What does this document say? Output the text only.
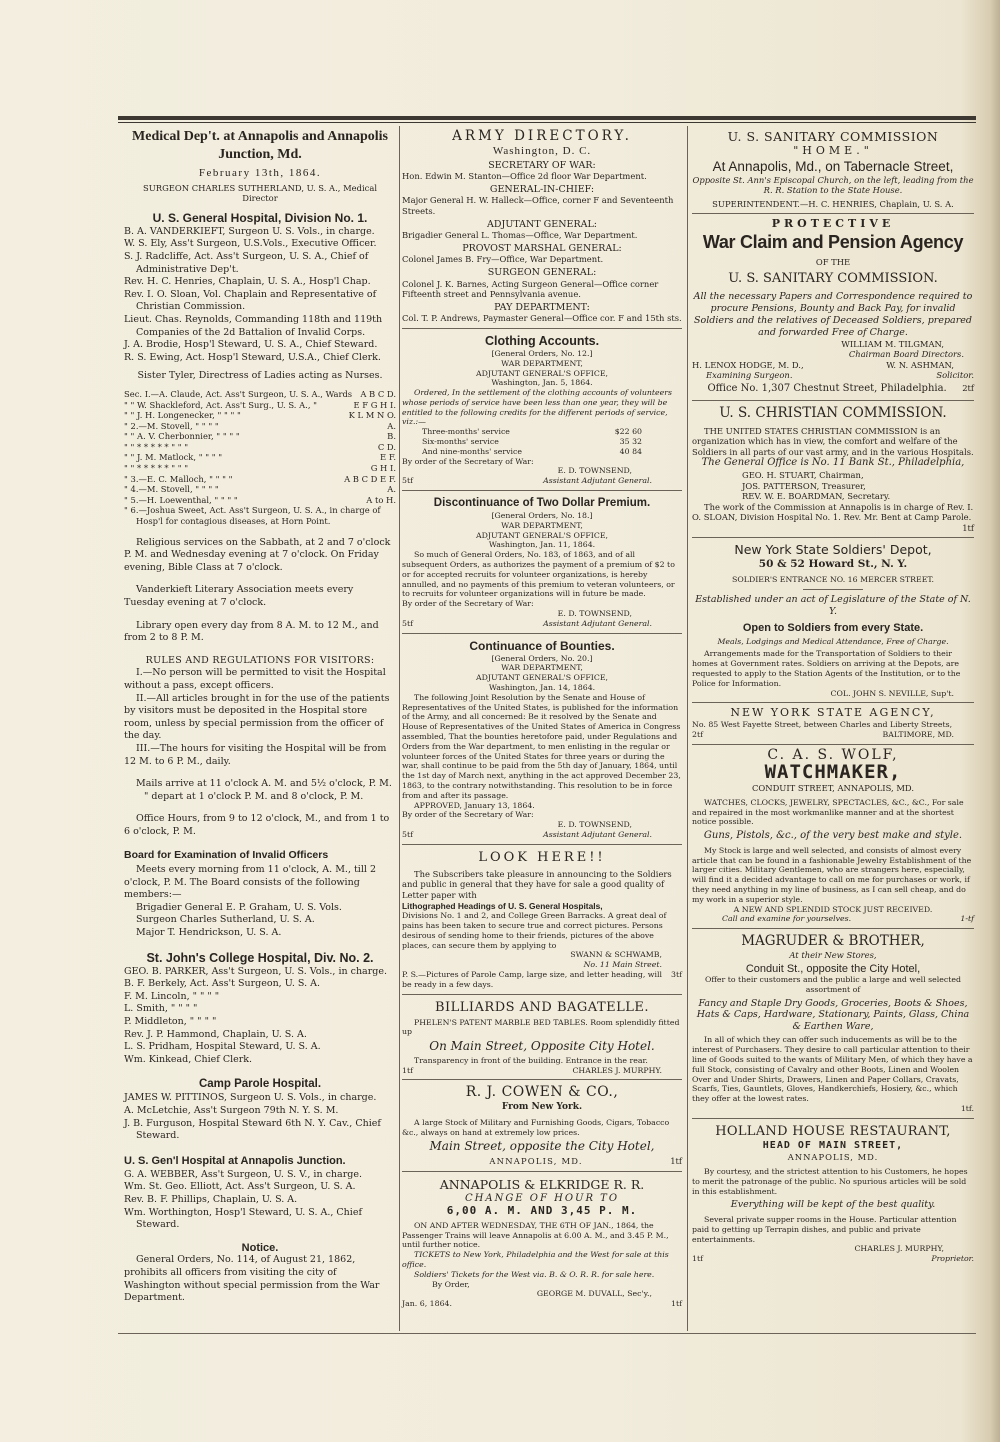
Medical Dep't. at Annapolis and Annapolis Junction, Md.
February 13th, 1864.
SURGEON CHARLES SUTHERLAND, U. S. A., Medical Director
U. S. General Hospital, Division No. 1.
B. A. VANDERKIEFT, Surgeon U. S. Vols., in charge.
W. S. Ely, Ass't Surgeon, U.S.Vols., Executive Officer.
S. J. Radcliffe, Act. Ass't Surgeon, U. S. A., Chief of Administrative Dep't.
Rev. H. C. Henries, Chaplain, U. S. A., Hosp'l Chap.
Rev. I. O. Sloan, Vol. Chaplain and Representative of Christian Commission.
Lieut. Chas. Reynolds, Commanding 118th and 119th Companies of the 2d Battalion of Invalid Corps.
J. A. Brodie, Hosp'l Steward, U. S. A., Chief Steward.
R. S. Ewing, Act. Hosp'l Steward, U.S.A., Chief Clerk.
Sister Tyler, Directress of Ladies acting as Nurses.
Sec. I.—A. Claude, Act. Ass't Surgeon, U. S. A., Wards A B C D.
" " W. Shackleford, Act. Ass't Surg., U. S. A., "	E F G H I.
" " J. H. Longenecker, " " " "	K L M N O.
" 2.—M. Stovell, " " " "	A.
" " A. V. Cherbonnier, " " " "	B.
" " * * * * * " " "	C D.
" " J. M. Matlock, " " " "	E F.
" " * * * * * " " "	G H I.
" 3.—E. C. Malloch, " " " "	A B C D E F.
" 4.—M. Stovell, " " " "	A.
" 5.—H. Loewenthal, " " " "	A to H.
" 6.—Joshua Sweet, Act. Ass't Surgeon, U. S. A., in charge of Hosp'l for contagious diseases, at Horn Point.

Religious services on the Sabbath, at 2 and 7 o'clock P. M. and Wednesday evening at 7 o'clock. On Friday evening, Bible Class at 7 o'clock.

Vanderkieft Literary Association meets every Tuesday evening at 7 o'clock.

Library open every day from 8 A. M. to 12 M., and from 2 to 8 P. M.

RULES AND REGULATIONS FOR VISITORS:
I.—No person will be permitted to visit the Hospital without a pass, except officers.
II.—All articles brought in for the use of the patients by visitors must be deposited in the Hospital store room, unless by special permission from the officer of the day.
III.—The hours for visiting the Hospital will be from 12 M. to 6 P. M., daily.

Mails arrive at 11 o'clock A. M. and 5½ o'clock, P. M.

" depart at 1 o'clock P. M. and 8 o'clock, P. M.

Office Hours, from 9 to 12 o'clock, M., and from 1 to 6 o'clock, P. M.

Board for Examination of Invalid Officers

Meets every morning from 11 o'clock, A. M., till 2 o'clock, P. M. The Board consists of the following members:—

Brigadier General E. P. Graham, U. S. Vols.
Surgeon Charles Sutherland, U. S. A.
Major T. Hendrickson, U. S. A.
St. John's College Hospital, Div. No. 2.
GEO. B. PARKER, Ass't Surgeon, U. S. Vols., in charge.
B. F. Berkely, Act. Ass't Surgeon, U. S. A.
F. M. Lincoln, " " " "
L. Smith, " " " "
P. Middleton, " " " "
Rev. J. P. Hammond, Chaplain, U. S. A.
L. S. Pridham, Hospital Steward, U. S. A.
Wm. Kinkead, Chief Clerk.
Camp Parole Hospital.
JAMES W. PITTINOS, Surgeon U. S. Vols., in charge.
A. McLetchie, Ass't Surgeon 79th N. Y. S. M.
J. B. Furguson, Hospital Steward 6th N. Y. Cav., Chief Steward.
U. S. Gen'l Hospital at Annapolis Junction.
G. A. WEBBER, Ass't Surgeon, U. S. V., in charge.
Wm. St. Geo. Elliott, Act. Ass't Surgeon, U. S. A.
Rev. B. F. Phillips, Chaplain, U. S. A.
Wm. Worthington, Hosp'l Steward, U. S. A., Chief Steward.
Notice.

General Orders, No. 114, of August 21, 1862, prohibits all officers from visiting the city of Washington without special permission from the War Department.

ARMY DIRECTORY.
Washington, D. C.
SECRETARY OF WAR:
Hon. Edwin M. Stanton—Office 2d floor War Department.
GENERAL-IN-CHIEF:
Major General H. W. Halleck—Office, corner F and Seventeenth Streets.
ADJUTANT GENERAL:
Brigadier General L. Thomas—Office, War Department.
PROVOST MARSHAL GENERAL:
Colonel James B. Fry—Office, War Department.
SURGEON GENERAL:
Colonel J. K. Barnes, Acting Surgeon General—Office corner Fifteenth street and Pennsylvania avenue.
PAY DEPARTMENT:
Col. T. P. Andrews, Paymaster General—Office cor. F and 15th sts.
Clothing Accounts.
[General Orders, No. 12.]
WAR DEPARTMENT,
ADJUTANT GENERAL'S OFFICE,
Washington, Jan. 5, 1864.

Ordered, In the settlement of the clothing accounts of volunteers whose periods of service have been less than one year, they will be entitled to the following credits for the different periods of service, viz.:—

Three-months' service	$22 60
Six-months' service	35 32
And nine-months' service	40 84
By order of the Secretary of War:
E. D. TOWNSEND,
5tf	Assistant Adjutant General.
Discontinuance of Two Dollar Premium.
[General Orders, No. 18.]
WAR DEPARTMENT,
ADJUTANT GENERAL'S OFFICE,
Washington, Jan. 11, 1864.

So much of General Orders, No. 183, of 1863, and of all subsequent Orders, as authorizes the payment of a premium of $2 to or for accepted recruits for volunteer organizations, is hereby annulled, and no payments of this premium to veteran volunteers, or to recruits for volunteer organizations will in future be made.

By order of the Secretary of War:
E. D. TOWNSEND,
5tf	Assistant Adjutant General.
Continuance of Bounties.
[General Orders, No. 20.]
WAR DEPARTMENT,
ADJUTANT GENERAL'S OFFICE,
Washington, Jan. 14, 1864.

The following Joint Resolution by the Senate and House of Representatives of the United States, is published for the information of the Army, and all concerned: Be it resolved by the Senate and House of Representatives of the United States of America in Congress assembled, That the bounties heretofore paid, under Regulations and Orders from the War department, to men enlisting in the regular or volunteer forces of the United States for three years or during the war, shall continue to be paid from the 5th day of January, 1864, until the 1st day of March next, anything in the act approved December 23, 1863, to the contrary notwithstanding. This resolution to be in force from and after its passage.

APPROVED, January 13, 1864.
By order of the Secretary of War:
E. D. TOWNSEND,
5tf	Assistant Adjutant General.
LOOK HERE!!

The Subscribers take pleasure in announcing to the Soldiers and public in general that they have for sale a good quality of Letter paper with

Lithographed Headings of U. S. General Hospitals,

Divisions No. 1 and 2, and College Green Barracks. A great deal of pains has been taken to secure true and correct pictures. Persons desirous of sending home to their friends, pictures of the above places, can secure them by applying to

SWANN & SCHWAMB,
No. 11 Main Street.
P. S.—Pictures of Parole Camp, large size, and letter heading, will be ready in a few days.
3tf
BILLIARDS AND BAGATELLE.

PHELEN'S PATENT MARBLE BED TABLES. Room splendidly fitted up

On Main Street, Opposite City Hotel.
Transparency in front of the building. Entrance in the rear.
1tf	CHARLES J. MURPHY.
R. J. COWEN & CO.,
From New York.

A large Stock of Military and Furnishing Goods, Cigars, Tobacco &c., always on hand at extremely low prices.

Main Street, opposite the City Hotel,
ANNAPOLIS, MD.	1tf
ANNAPOLIS & ELKRIDGE R. R.
CHANGE OF HOUR TO
6,00 A. M. AND 3,45 P. M.

ON AND AFTER WEDNESDAY, THE 6TH OF JAN., 1864, the Passenger Trains will leave Annapolis at 6.00 A. M., and 3.45 P. M., until further notice.

TICKETS to New York, Philadelphia and the West for sale at this office.

Soldiers' Tickets for the West via. B. & O. R. R. for sale here.

By Order,
GEORGE M. DUVALL, Sec'y.,
Jan. 6, 1864.	1tf
U. S. SANITARY COMMISSION
"HOME."
At Annapolis, Md., on Tabernacle Street,
Opposite St. Ann's Episcopal Church, on the left, leading from the R. R. Station to the State House.
SUPERINTENDENT.—H. C. HENRIES, Chaplain, U. S. A.
PROTECTIVE
War Claim and Pension Agency
OF THE
U. S. SANITARY COMMISSION.

All the necessary Papers and Correspondence required to procure Pensions, Bounty and Back Pay, for invalid Soldiers and the relatives of Deceased Soldiers, prepared and forwarded Free of Charge.

WILLIAM M. TILGMAN,
Chairman Board Directors.
H. LENOX HODGE, M. D.,	W. N. ASHMAN,
Examining Surgeon.	Solicitor.
Office No. 1,307 Chestnut Street, Philadelphia.	2tf
U. S. CHRISTIAN COMMISSION.

THE UNITED STATES CHRISTIAN COMMISSION is an organization which has in view, the comfort and welfare of the Soldiers in all parts of our vast army, and in the various Hospitals.

The General Office is No. 11 Bank St., Philadelphia,
GEO. H. STUART, Chairman,
JOS. PATTERSON, Treasurer,
REV. W. E. BOARDMAN, Secretary.

The work of the Commission at Annapolis is in charge of Rev. I. O. SLOAN, Division Hospital No. 1. Rev. Mr. Bent at Camp Parole.

1tf
New York State Soldiers' Depot,
50 & 52 Howard St., N. Y.
SOLDIER'S ENTRANCE NO. 16 MERCER STREET.
Established under an act of Legislature of the State of N. Y.
Open to Soldiers from every State.
Meals, Lodgings and Medical Attendance, Free of Charge.

Arrangements made for the Transportation of Soldiers to their homes at Government rates. Soldiers on arriving at the Depots, are requested to apply to the Station Agents of the Institution, or to the Police for Information.

COL. JOHN S. NEVILLE, Sup't.
NEW YORK STATE AGENCY,
No. 85 West Fayette Street, between Charles and Liberty Streets,
2tf	BALTIMORE, MD.
C. A. S. WOLF,
WATCHMAKER,
CONDUIT STREET, ANNAPOLIS, MD.

WATCHES, CLOCKS, JEWELRY, SPECTACLES, &C., &C., For sale and repaired in the most workmanlike manner and at the shortest notice possible.

Guns, Pistols, &c., of the very best make and style.

My Stock is large and well selected, and consists of almost every article that can be found in a fashionable Jewelry Establishment of the larger cities. Military Gentlemen, who are strangers here, especially, will find it a decided advantage to call on me for purchases or work, if they need anything in my line of business, as I can sell cheap, and do my work in a superior style.

A NEW AND SPLENDID STOCK JUST RECEIVED.
Call and examine for yourselves.	1-tf
MAGRUDER & BROTHER,
At their New Stores,
Conduit St., opposite the City Hotel,
Offer to their customers and the public a large and well selected assortment of
Fancy and Staple Dry Goods, Groceries, Boots & Shoes, Hats & Caps, Hardware, Stationary, Paints, Glass, China & Earthen Ware,

In all of which they can offer such inducements as will be to the interest of Purchasers. They desire to call particular attention to their line of Goods suited to the wants of Military Men, of which they have a full Stock, consisting of Cavalry and other Boots, Linen and Woolen Over and Under Shirts, Drawers, Linen and Paper Collars, Cravats, Scarfs, Ties, Gauntlets, Gloves, Handkerchiefs, Hosiery, &c., which they offer at the lowest rates.

1tf.
HOLLAND HOUSE RESTAURANT,
HEAD OF MAIN STREET,
ANNAPOLIS, MD.

By courtesy, and the strictest attention to his Customers, he hopes to merit the patronage of the public. No spurious articles will be sold in this establishment.

Everything will be kept of the best quality.

Several private supper rooms in the House. Particular attention paid to getting up Terrapin dishes, and public and private entertainments.

CHARLES J. MURPHY,
1tf	Proprietor.
